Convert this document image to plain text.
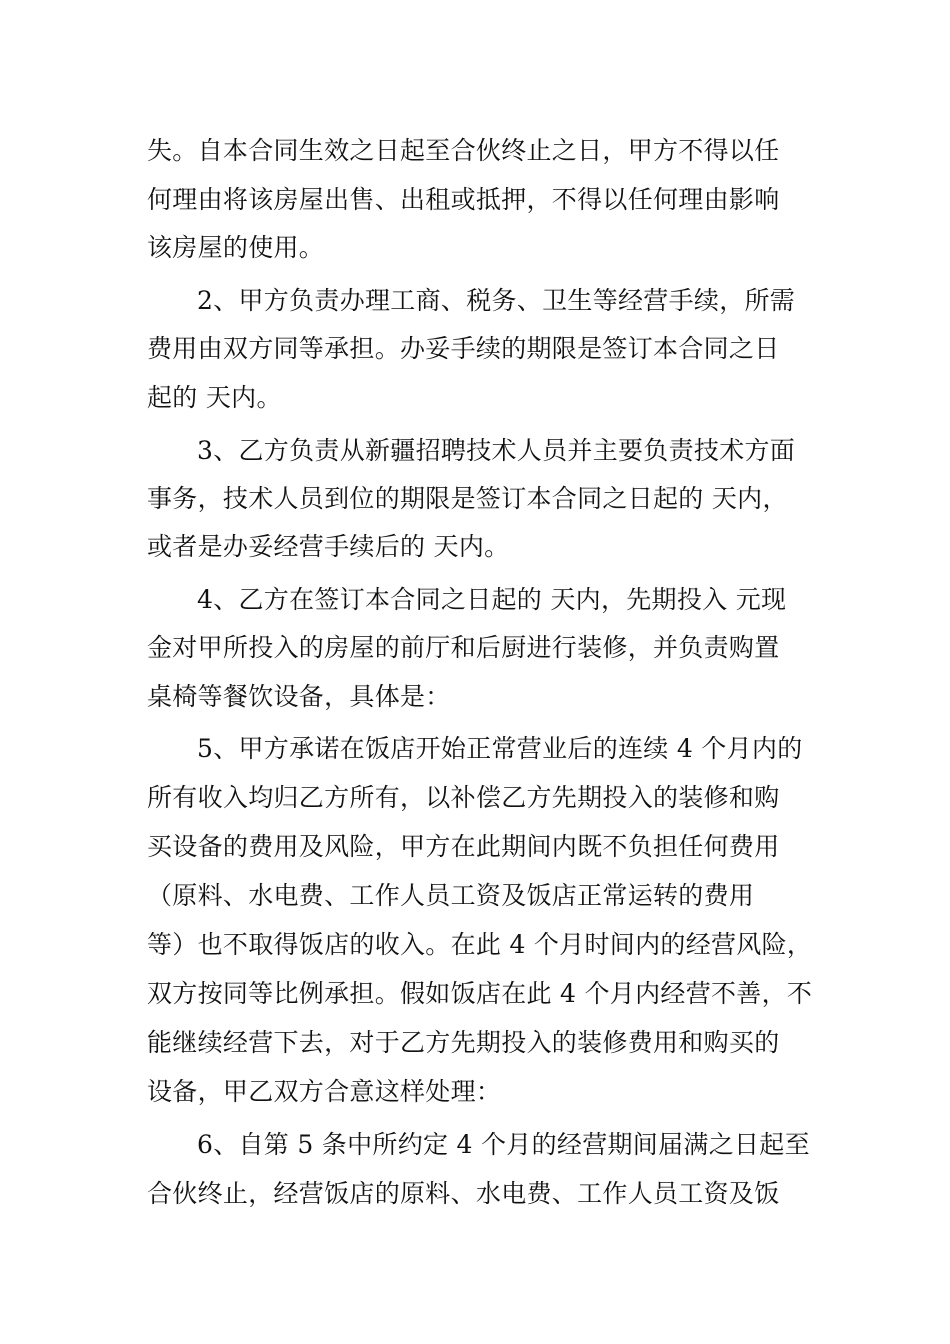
失。自本合同生效之日起至合伙终止之日，甲方不得以任
何理由将该房屋出售、出租或抵押，不得以任何理由影响
该房屋的使用。
2、甲方负责办理工商、税务、卫生等经营手续，所需
费用由双方同等承担。办妥手续的期限是签订本合同之日
起的 天内。
3、乙方负责从新疆招聘技术人员并主要负责技术方面
事务，技术人员到位的期限是签订本合同之日起的 天内，
或者是办妥经营手续后的 天内。
4、乙方在签订本合同之日起的 天内，先期投入 元现
金对甲所投入的房屋的前厅和后厨进行装修，并负责购置
桌椅等餐饮设备，具体是：
5、甲方承诺在饭店开始正常营业后的连续 4 个月内的
所有收入均归乙方所有，以补偿乙方先期投入的装修和购
买设备的费用及风险，甲方在此期间内既不负担任何费用
（原料、水电费、工作人员工资及饭店正常运转的费用
等）也不取得饭店的收入。在此 4 个月时间内的经营风险，
双方按同等比例承担。假如饭店在此 4 个月内经营不善，不
能继续经营下去，对于乙方先期投入的装修费用和购买的
设备，甲乙双方合意这样处理：
6、自第 5 条中所约定 4 个月的经营期间届满之日起至
合伙终止，经营饭店的原料、水电费、工作人员工资及饭
